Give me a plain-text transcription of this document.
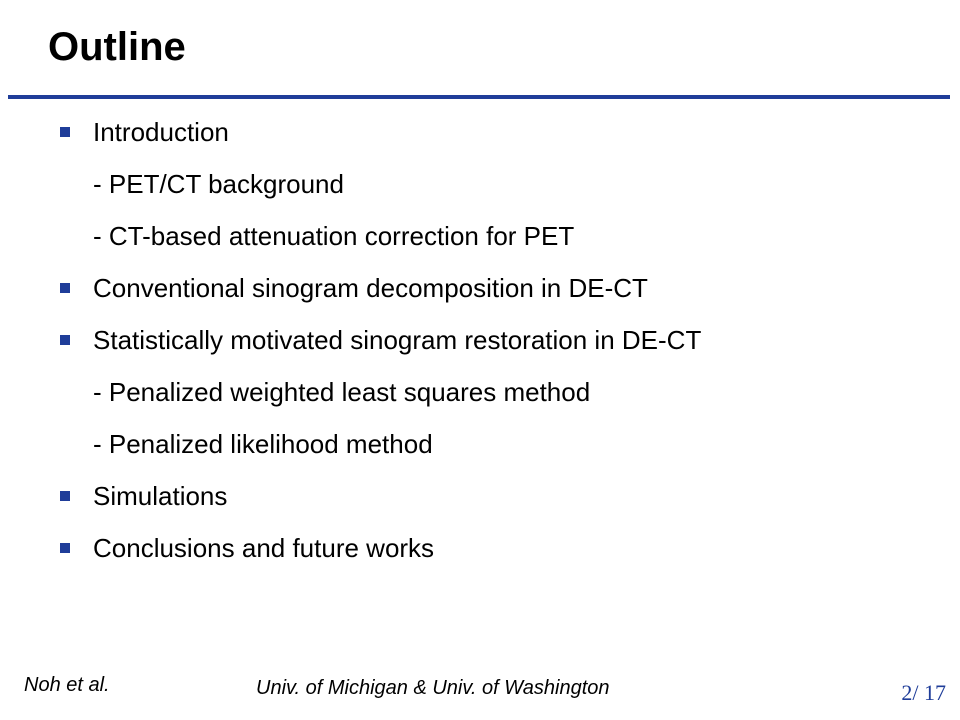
Outline
Introduction
- PET/CT background
- CT-based attenuation correction for PET
Conventional sinogram decomposition in DE-CT
Statistically motivated sinogram restoration in DE-CT
- Penalized weighted least squares method
- Penalized likelihood method
Simulations
Conclusions and future works
Noh et al.	Univ. of Michigan & Univ. of Washington	2/ 17
